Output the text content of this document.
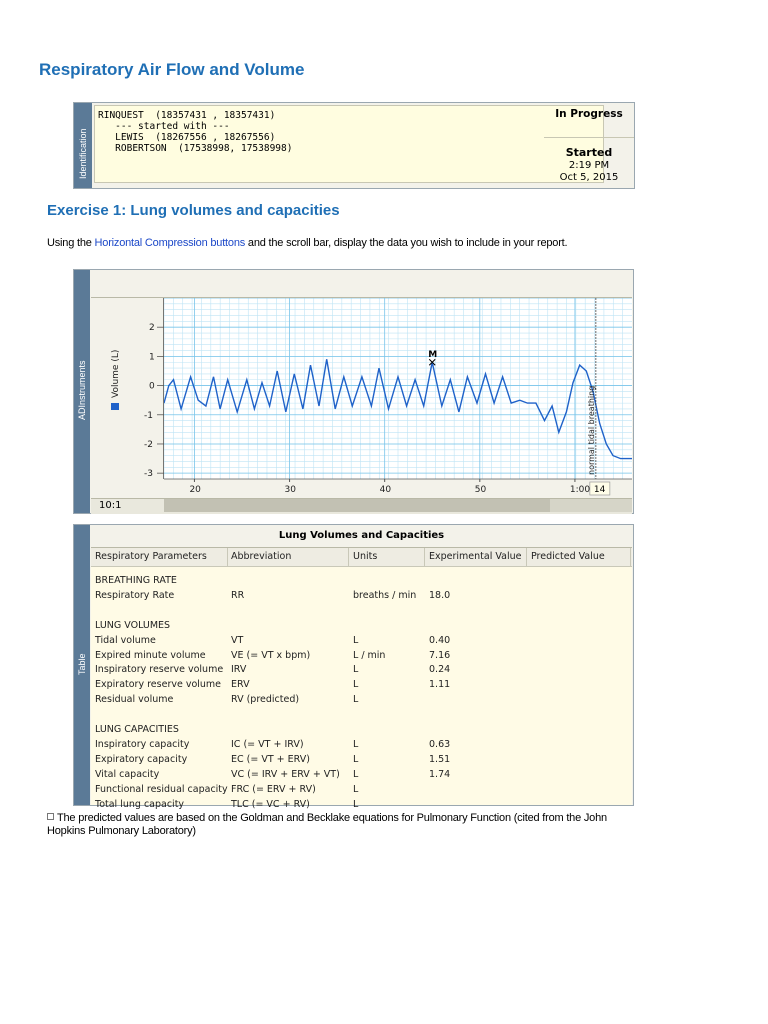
Respiratory Air Flow and Volume
Identification
RINQUEST  (18357431 , 18357431)
--- started with ---
LEWIS  (18267556 , 18267556)
ROBERTSON  (17538998, 17538998)
In Progress
Started
2:19 PM
Oct 5, 2015
Exercise 1: Lung volumes and capacities
Using the Horizontal Compression buttons and the scroll bar, display the data you wish to include in your report.
ADInstruments	Volume (L)
2
1
0
-1
-2
-3
M
normal tidal breathing
20	30	40	50	1:00 14
10:1
Table
Lung Volumes and Capacities
Respiratory Parameters	Abbreviation	Units	Experimental Value Predicted Value
BREATHING RATE
Respiratory Rate	RR	breaths / min 18.0
LUNG VOLUMES
Tidal volume	VT	L	0.40
Expired minute volume	VE (= VT x bpm)	L / min	7.16
Inspiratory reserve volume IRV	L	0.24
Expiratory reserve volume ERV	L	1.11
Residual volume	RV (predicted)	L
LUNG CAPACITIES
Inspiratory capacity	IC (= VT + IRV)	L	0.63
Expiratory capacity	EC (= VT + ERV)	L	1.51
Vital capacity	VC (= IRV + ERV + VT) L	1.74
Functional residual capacity FRC (= ERV + RV)	L
Total lung capacity	TLC (= VC + RV)	L
The predicted values are based on the Goldman and Becklake equations for Pulmonary Function (cited from the John Hopkins Pulmonary Laboratory)
